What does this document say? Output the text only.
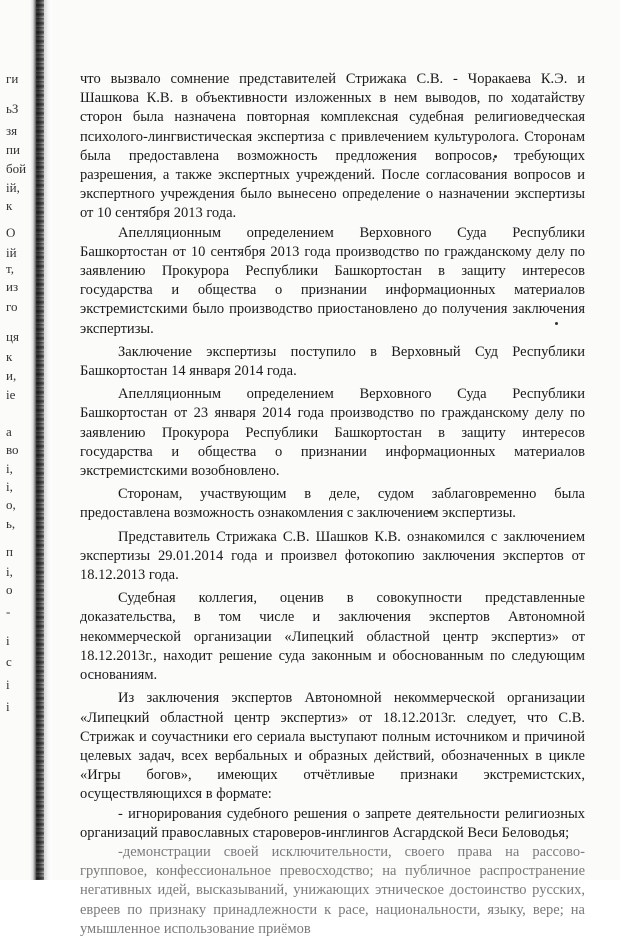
ги
ьЗ
зя
пи
бой
ій,
к
О
ій
т,
из
го
ця
к
и,
іе
а
во
і,
і,
о,
ь,
п
і,
о
-
і
с
і
і

что вызвало сомнение представителей Стрижака С.В. - Чоракаева К.Э. и Шашкова К.В. в объективности изложенных в нем выводов, по ходатайству сторон была назначена повторная комплексная судебная религиоведческая психолого-лингвистическая экспертиза с привлечением культуролога. Сторонам была предоставлена возможность предложения вопросов, требующих разрешения, а также экспертных учреждений. После согласования вопросов и экспертного учреждения было вынесено определение о назначении экспертизы от 10 сентября 2013 года.

Апелляционным определением Верховного Суда Республики Башкортостан от 10 сентября 2013 года производство по гражданскому делу по заявлению Прокурора Республики Башкортостан в защиту интересов государства и общества о признании информационных материалов экстремистскими было производство приостановлено до получения заключения экспертизы.

Заключение экспертизы поступило в Верховный Суд Республики Башкортостан 14 января 2014 года.

Апелляционным определением Верховного Суда Республики Башкортостан от 23 января 2014 года производство по гражданскому делу по заявлению Прокурора Республики Башкортостан в защиту интересов государства и общества о признании информационных материалов экстремистскими возобновлено.

Сторонам, участвующим в деле, судом заблаговременно была предоставлена возможность ознакомления с заключением экспертизы.

Представитель Стрижака С.В. Шашков К.В. ознакомился с заключением экспертизы 29.01.2014 года и произвел фотокопию заключения экспертов от 18.12.2013 года.

Судебная коллегия, оценив в совокупности представленные доказательства, в том числе и заключения экспертов Автономной некоммерческой организации «Липецкий областной центр экспертиз» от 18.12.2013г., находит решение суда законным и обоснованным по следующим основаниям.

Из заключения экспертов Автономной некоммерческой организации «Липецкий областной центр экспертиз» от 18.12.2013г. следует, что С.В. Стрижак и соучастники его сериала выступают полным источником и причиной целевых задач, всех вербальных и образных действий, обозначенных в цикле «Игры богов», имеющих отчётливые признаки экстремистских, осуществляющихся в формате:

- игнорирования судебного решения о запрете деятельности религиозных организаций православных староверов-инглингов Асгардской Веси Беловодья;

-демонстрации своей исключительности, своего права на рассово-групповое, конфессиональное превосходство; на публичное распространение негативных идей, высказываний, унижающих этническое достоинство русских, евреев по признаку принадлежности к расе, национальности, языку, вере; на умышленное использование приёмов
